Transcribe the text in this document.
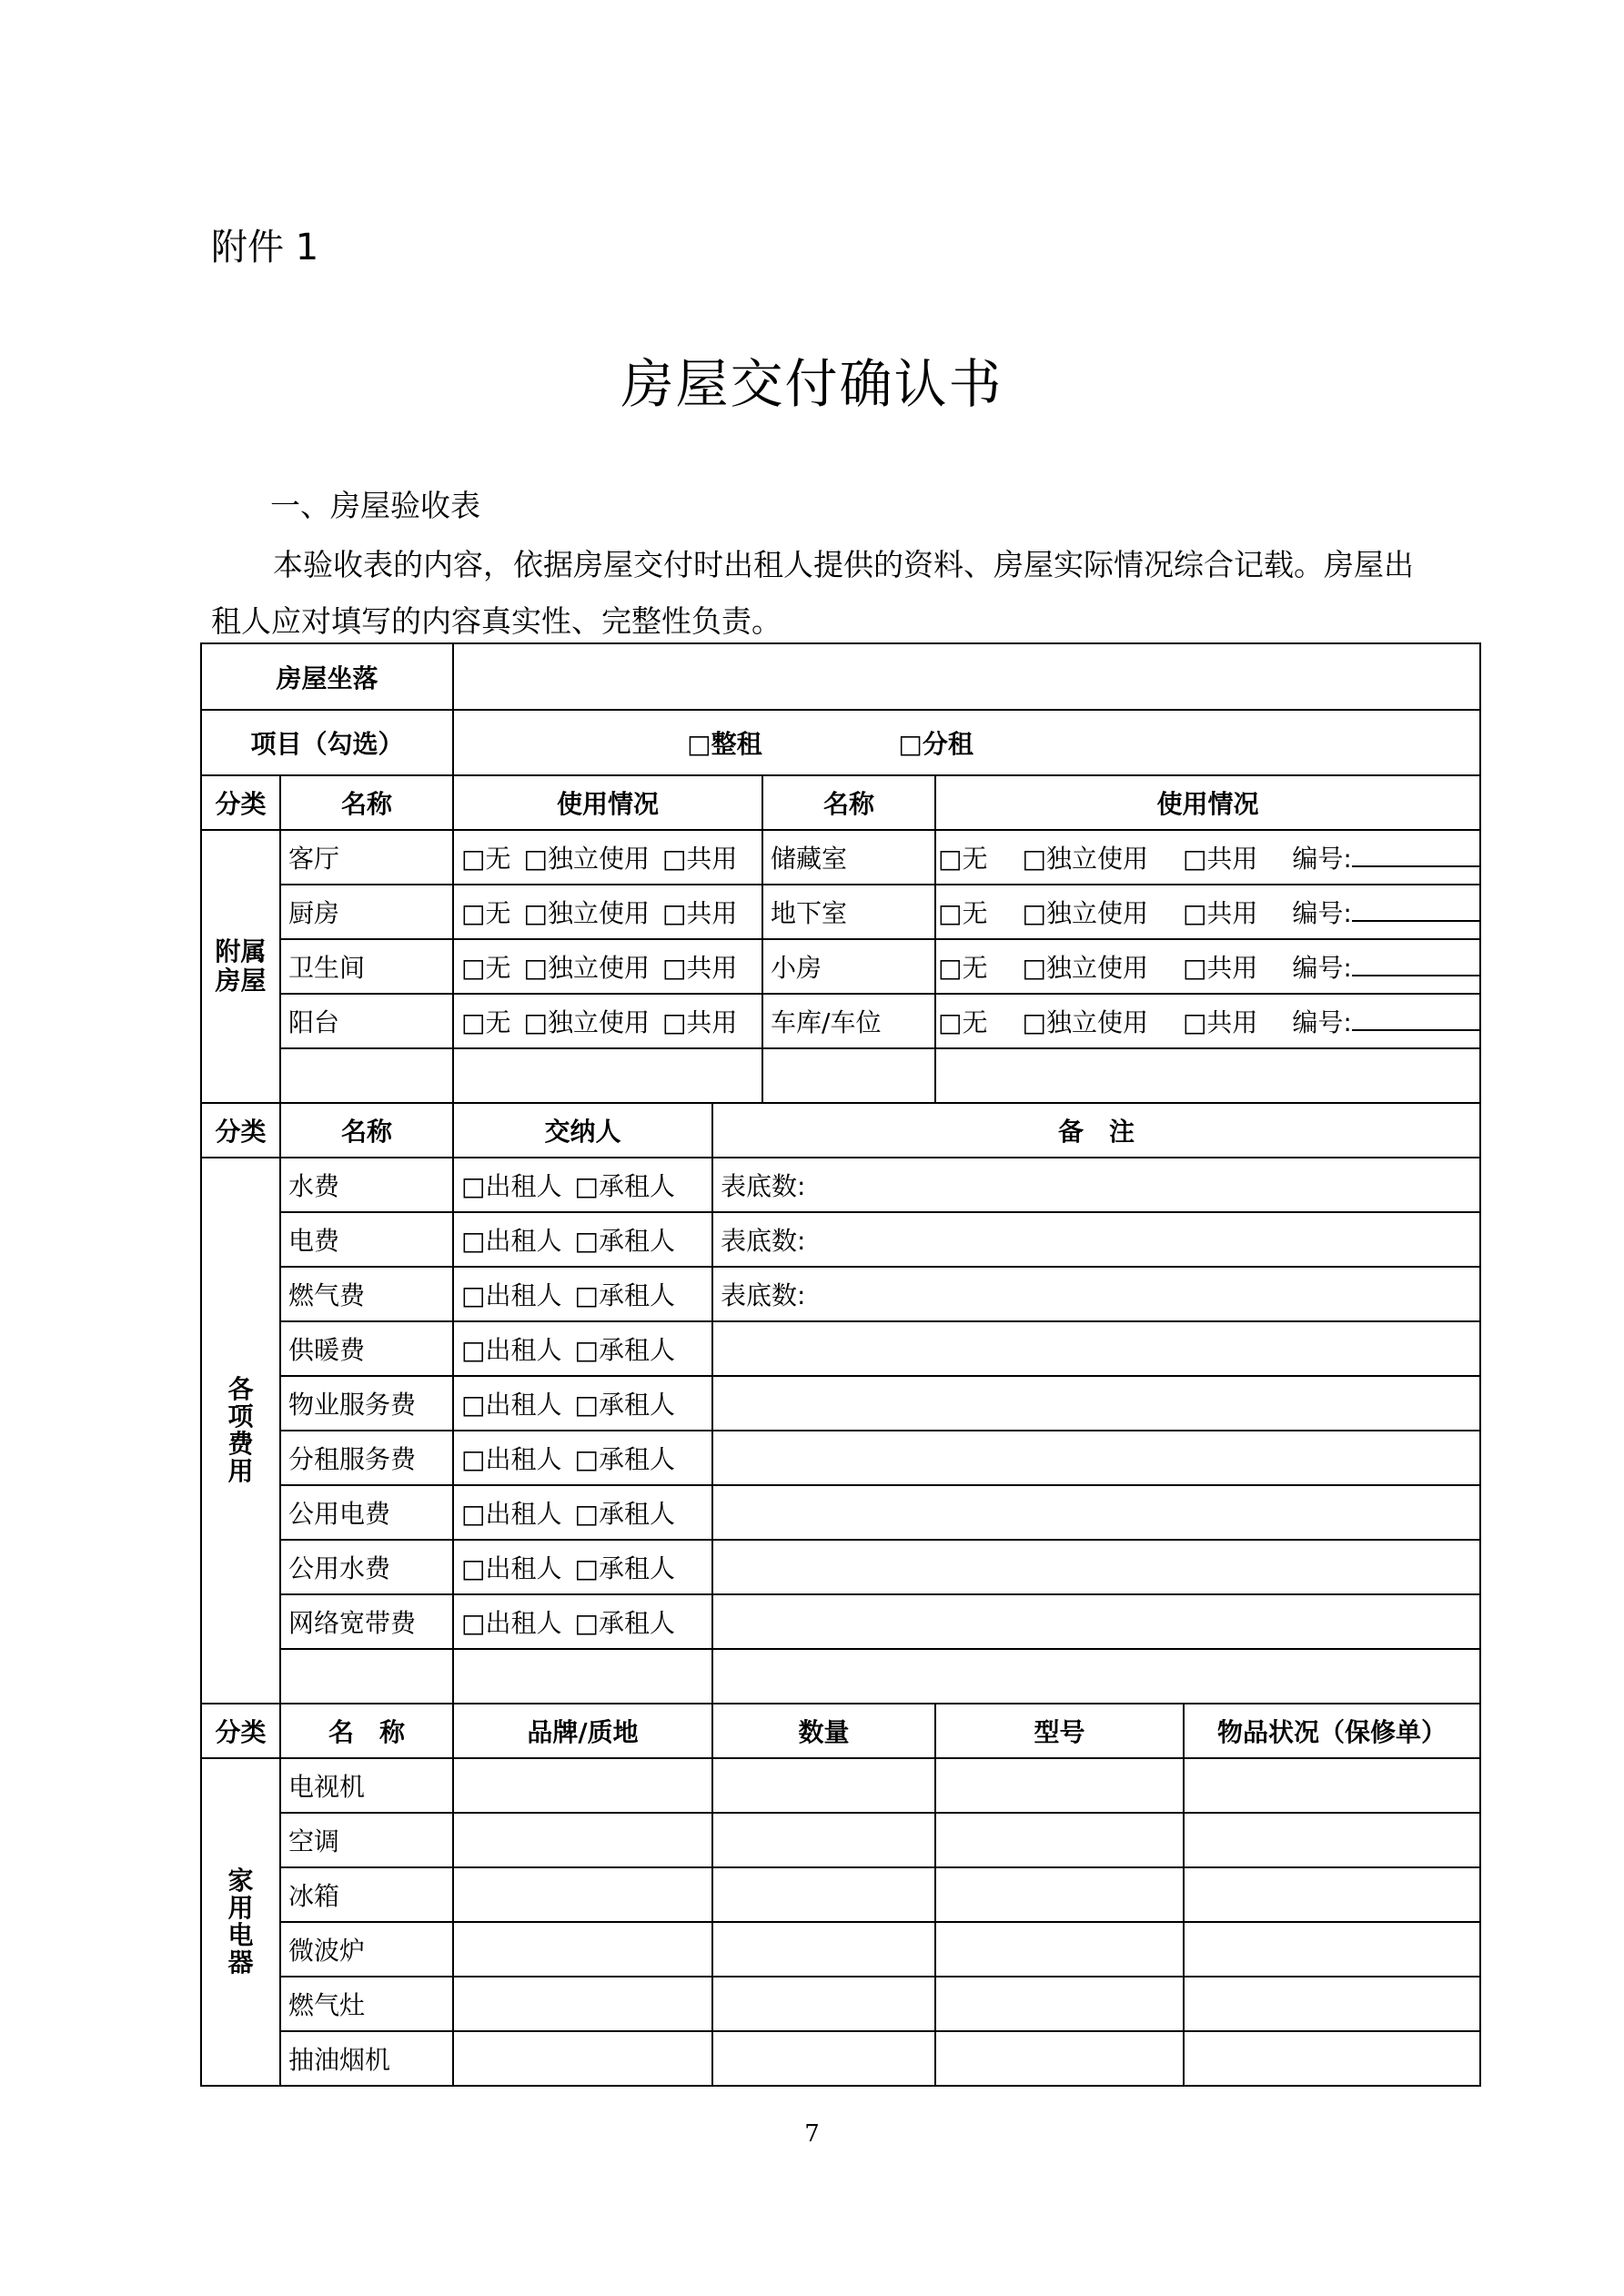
附件 1
房屋交付确认书
一、房屋验收表
本验收表的内容，依据房屋交付时出租人提供的资料、房屋实际情况综合记载。房屋出租人应对填写的内容真实性、完整性负责。
房屋坐落						
项目（勾选）		□整租 □分租				
分类	名称	使用情况		名称	使用情况	
附属房屋	客厅	□无 □独立使用 □共用		储藏室	□无 □独立使用 □共用 编号:	
	厨房	□无 □独立使用 □共用		地下室	□无 □独立使用 □共用 编号:	
	卫生间	□无 □独立使用 □共用		小房	□无 □独立使用 □共用 编号:	
	阳台	□无 □独立使用 □共用		车库/车位	□无 □独立使用 □共用 编号:	

分类	名称	交纳人	备　注			
各项费用	水费	□出租人 □承租人	表底数:			
	电费	□出租人 □承租人	表底数:			
	燃气费	□出租人 □承租人	表底数:			
	供暖费	□出租人 □承租人				
	物业服务费	□出租人 □承租人				
	分租服务费	□出租人 □承租人				
	公用电费	□出租人 □承租人				
	公用水费	□出租人 □承租人				
	网络宽带费	□出租人 □承租人				

分类	名　称	品牌/质地	数量		型号	物品状况（保修单）
家用电器	电视机					
	空调					
	冰箱					
	微波炉					
	燃气灶					
	抽油烟机					
7
